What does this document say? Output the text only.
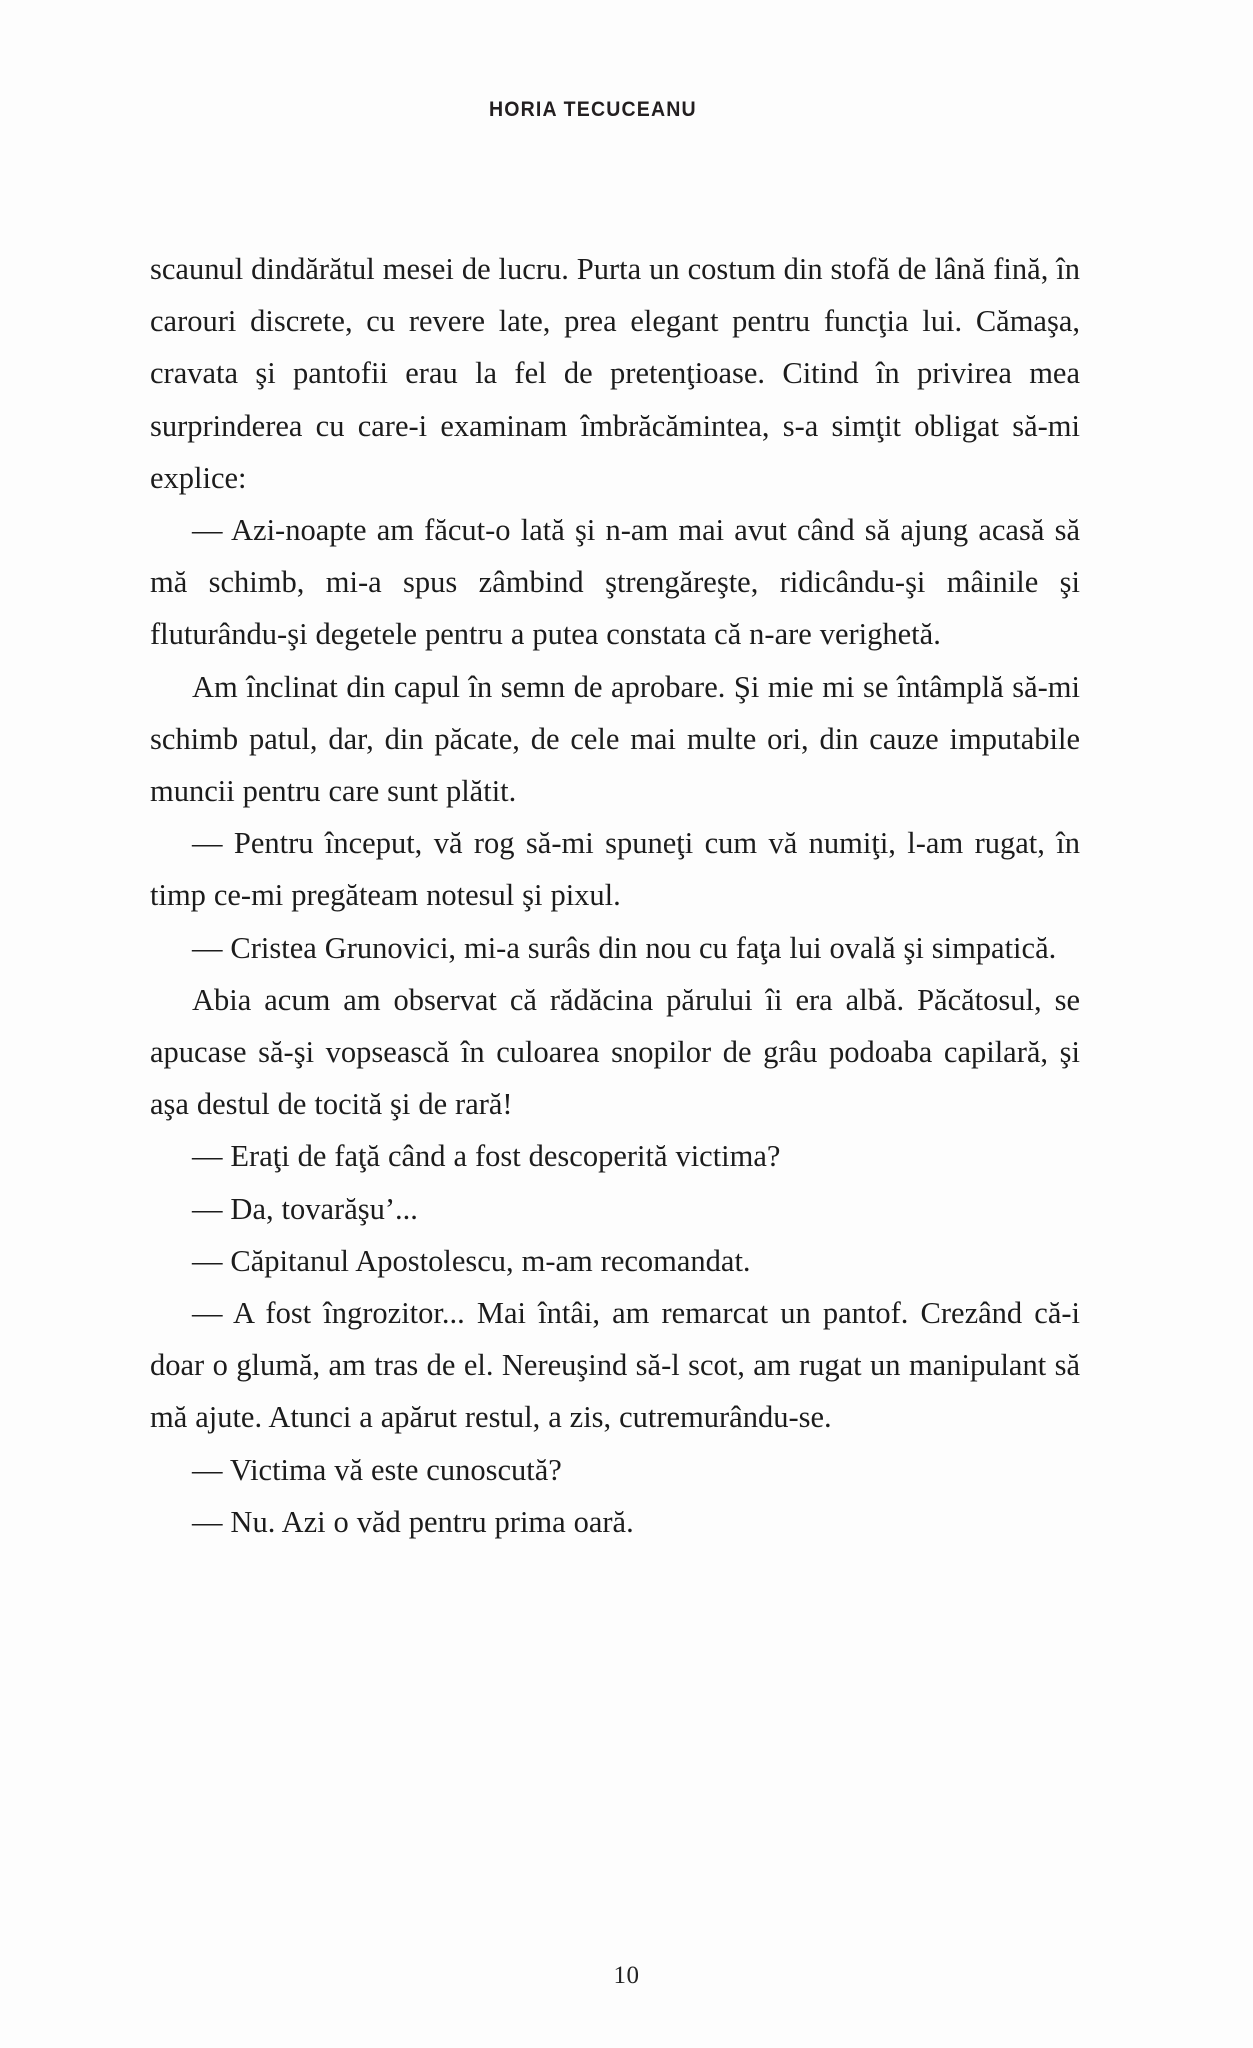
HORIA TECUCEANU

scaunul dindărătul mesei de lucru. Purta un costum din stofă de lână fină, în carouri discrete, cu revere late, prea elegant pentru funcţia lui. Cămaşa, cravata şi pantofii erau la fel de pretenţioase. Citind în privirea mea surprinderea cu care-i examinam îmbrăcămintea, s-a simţit obligat să-mi explice:

— Azi-noapte am făcut-o lată şi n-am mai avut când să ajung acasă să mă schimb, mi-a spus zâmbind ştrengăreşte, ridicându-şi mâinile şi fluturându-şi degetele pentru a putea constata că n-are verighetă.

Am înclinat din capul în semn de aprobare. Şi mie mi se întâmplă să-mi schimb patul, dar, din păcate, de cele mai multe ori, din cauze imputabile muncii pentru care sunt plătit.

— Pentru început, vă rog să-mi spuneţi cum vă numiţi, l-am rugat, în timp ce-mi pregăteam notesul şi pixul.

— Cristea Grunovici, mi-a surâs din nou cu faţa lui ovală şi simpatică.

Abia acum am observat că rădăcina părului îi era albă. Păcătosul, se apucase să-şi vopsească în culoarea snopilor de grâu podoaba capilară, şi aşa destul de tocită şi de rară!

— Eraţi de faţă când a fost descoperită victima?

— Da, tovarăşu’...

— Căpitanul Apostolescu, m-am recomandat.

— A fost îngrozitor... Mai întâi, am remarcat un pantof. Crezând că-i doar o glumă, am tras de el. Nereuşind să-l scot, am rugat un manipulant să mă ajute. Atunci a apărut restul, a zis, cutremurându-se.

— Victima vă este cunoscută?

— Nu. Azi o văd pentru prima oară.

10
